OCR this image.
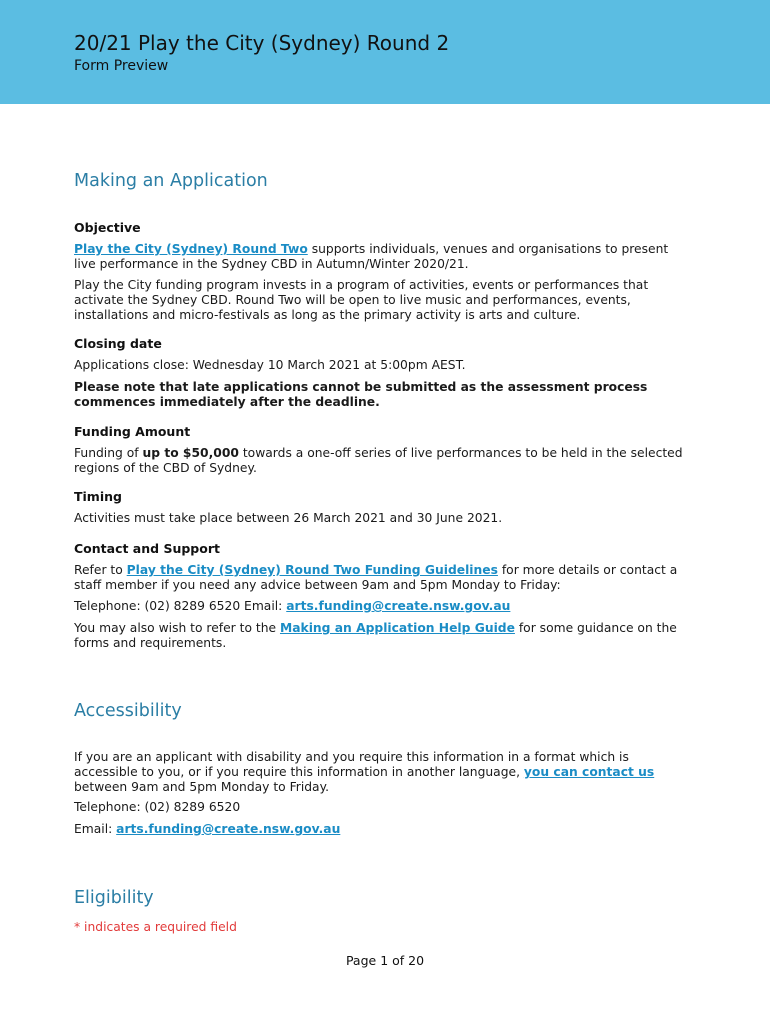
20/21 Play the City (Sydney) Round 2
Form Preview
Making an Application
Objective

Play the City (Sydney) Round Two supports individuals, venues and organisations to present live performance in the Sydney CBD in Autumn/Winter 2020/21.

Play the City funding program invests in a program of activities, events or performances that activate the Sydney CBD. Round Two will be open to live music and performances, events, installations and micro-festivals as long as the primary activity is arts and culture.

Closing date

Applications close: Wednesday 10 March 2021 at 5:00pm AEST.

Please note that late applications cannot be submitted as the assessment process commences immediately after the deadline.

Funding Amount

Funding of up to $50,000 towards a one-off series of live performances to be held in the selected regions of the CBD of Sydney.

Timing

Activities must take place between 26 March 2021 and 30 June 2021.

Contact and Support

Refer to Play the City (Sydney) Round Two Funding Guidelines for more details or contact a staff member if you need any advice between 9am and 5pm Monday to Friday:

Telephone: (02) 8289 6520 Email: arts.funding@create.nsw.gov.au

You may also wish to refer to the Making an Application Help Guide for some guidance on the forms and requirements.

Accessibility

If you are an applicant with disability and you require this information in a format which is accessible to you, or if you require this information in another language, you can contact us between 9am and 5pm Monday to Friday.

Telephone: (02) 8289 6520

Email: arts.funding@create.nsw.gov.au

Eligibility

* indicates a required field

Page 1 of 20
